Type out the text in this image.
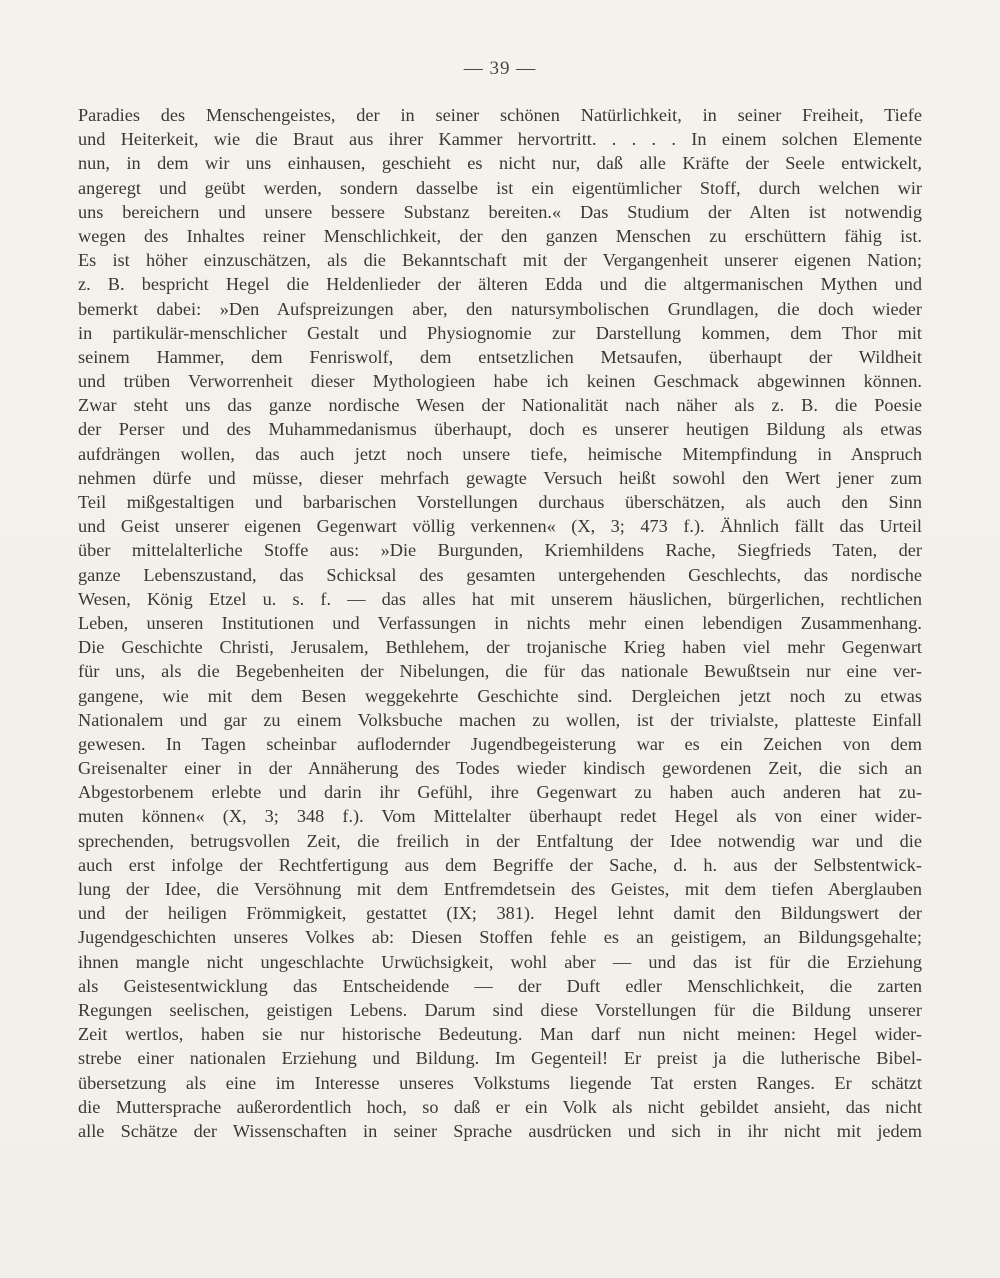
— 39 —
Paradies des Menschengeistes, der in seiner schönen Natürlichkeit, in seiner Freiheit, Tiefe
und Heiterkeit, wie die Braut aus ihrer Kammer hervortritt. . . . . In einem solchen Elemente
nun, in dem wir uns einhausen, geschieht es nicht nur, daß alle Kräfte der Seele entwickelt,
angeregt und geübt werden, sondern dasselbe ist ein eigentümlicher Stoff, durch welchen wir
uns bereichern und unsere bessere Substanz bereiten.« Das Studium der Alten ist notwendig
wegen des Inhaltes reiner Menschlichkeit, der den ganzen Menschen zu erschüttern fähig ist.
Es ist höher einzuschätzen, als die Bekanntschaft mit der Vergangenheit unserer eigenen Nation;
z. B. bespricht Hegel die Heldenlieder der älteren Edda und die altgermanischen Mythen und
bemerkt dabei: »Den Aufspreizungen aber, den natursymbolischen Grundlagen, die doch wieder
in partikulär-menschlicher Gestalt und Physiognomie zur Darstellung kommen, dem Thor mit
seinem Hammer, dem Fenriswolf, dem entsetzlichen Metsaufen, überhaupt der Wildheit
und trüben Verworrenheit dieser Mythologieen habe ich keinen Geschmack abgewinnen können.
Zwar steht uns das ganze nordische Wesen der Nationalität nach näher als z. B. die Poesie
der Perser und des Muhammedanismus überhaupt, doch es unserer heutigen Bildung als etwas
aufdrängen wollen, das auch jetzt noch unsere tiefe, heimische Mitempfindung in Anspruch
nehmen dürfe und müsse, dieser mehrfach gewagte Versuch heißt sowohl den Wert jener zum
Teil mißgestaltigen und barbarischen Vorstellungen durchaus überschätzen, als auch den Sinn
und Geist unserer eigenen Gegenwart völlig verkennen« (X, 3; 473 f.). Ähnlich fällt das Urteil
über mittelalterliche Stoffe aus: »Die Burgunden, Kriemhildens Rache, Siegfrieds Taten, der
ganze Lebenszustand, das Schicksal des gesamten untergehenden Geschlechts, das nordische
Wesen, König Etzel u. s. f. — das alles hat mit unserem häuslichen, bürgerlichen, rechtlichen
Leben, unseren Institutionen und Verfassungen in nichts mehr einen lebendigen Zusammenhang.
Die Geschichte Christi, Jerusalem, Bethlehem, der trojanische Krieg haben viel mehr Gegenwart
für uns, als die Begebenheiten der Nibelungen, die für das nationale Bewußtsein nur eine ver-
gangene, wie mit dem Besen weggekehrte Geschichte sind. Dergleichen jetzt noch zu etwas
Nationalem und gar zu einem Volksbuche machen zu wollen, ist der trivialste, platteste Einfall
gewesen. In Tagen scheinbar auflodernder Jugendbegeisterung war es ein Zeichen von dem
Greisenalter einer in der Annäherung des Todes wieder kindisch gewordenen Zeit, die sich an
Abgestorbenem erlebte und darin ihr Gefühl, ihre Gegenwart zu haben auch anderen hat zu-
muten können« (X, 3; 348 f.). Vom Mittelalter überhaupt redet Hegel als von einer wider-
sprechenden, betrugsvollen Zeit, die freilich in der Entfaltung der Idee notwendig war und die
auch erst infolge der Rechtfertigung aus dem Begriffe der Sache, d. h. aus der Selbstentwick-
lung der Idee, die Versöhnung mit dem Entfremdetsein des Geistes, mit dem tiefen Aberglauben
und der heiligen Frömmigkeit, gestattet (IX; 381). Hegel lehnt damit den Bildungswert der
Jugendgeschichten unseres Volkes ab: Diesen Stoffen fehle es an geistigem, an Bildungsgehalte;
ihnen mangle nicht ungeschlachte Urwüchsigkeit, wohl aber — und das ist für die Erziehung
als Geistesentwicklung das Entscheidende — der Duft edler Menschlichkeit, die zarten
Regungen seelischen, geistigen Lebens. Darum sind diese Vorstellungen für die Bildung unserer
Zeit wertlos, haben sie nur historische Bedeutung. Man darf nun nicht meinen: Hegel wider-
strebe einer nationalen Erziehung und Bildung. Im Gegenteil! Er preist ja die lutherische Bibel-
übersetzung als eine im Interesse unseres Volkstums liegende Tat ersten Ranges. Er schätzt
die Muttersprache außerordentlich hoch, so daß er ein Volk als nicht gebildet ansieht, das nicht
alle Schätze der Wissenschaften in seiner Sprache ausdrücken und sich in ihr nicht mit jedem
